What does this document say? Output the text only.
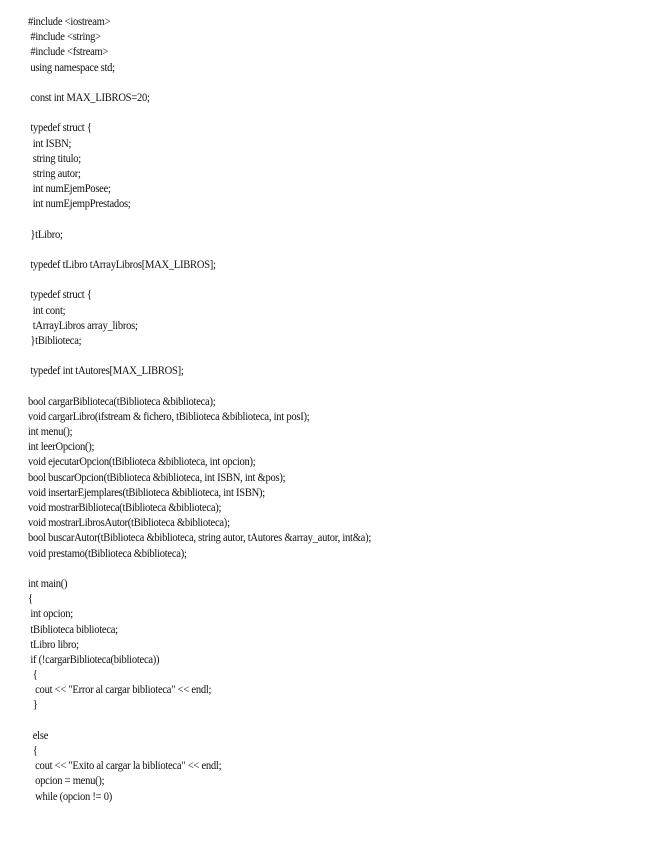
#include <iostream>
#include <string>
#include <fstream>
using namespace std;
const int MAX_LIBROS=20;
typedef struct {
int ISBN;
string titulo;
string autor;
int numEjemPosee;
int numEjempPrestados;
}tLibro;
typedef tLibro tArrayLibros[MAX_LIBROS];
typedef struct {
int cont;
tArrayLibros array_libros;
}tBiblioteca;
typedef int tAutores[MAX_LIBROS];
bool cargarBiblioteca(tBiblioteca &biblioteca);
void cargarLibro(ifstream & fichero, tBiblioteca &biblioteca, int posI);
int menu();
int leerOpcion();
void ejecutarOpcion(tBiblioteca &biblioteca, int opcion);
bool buscarOpcion(tBiblioteca &biblioteca, int ISBN, int &pos);
void insertarEjemplares(tBiblioteca &biblioteca, int ISBN);
void mostrarBiblioteca(tBiblioteca &biblioteca);
void mostrarLibrosAutor(tBiblioteca &biblioteca);
bool buscarAutor(tBiblioteca &biblioteca, string autor, tAutores &array_autor, int&a);
void prestamo(tBiblioteca &biblioteca);
int main()
{
int opcion;
tBiblioteca biblioteca;
tLibro libro;
if (!cargarBiblioteca(biblioteca))
{
cout << "Error al cargar biblioteca" << endl;
}
else
{
cout << "Exito al cargar la biblioteca" << endl;
opcion = menu();
while (opcion != 0)
